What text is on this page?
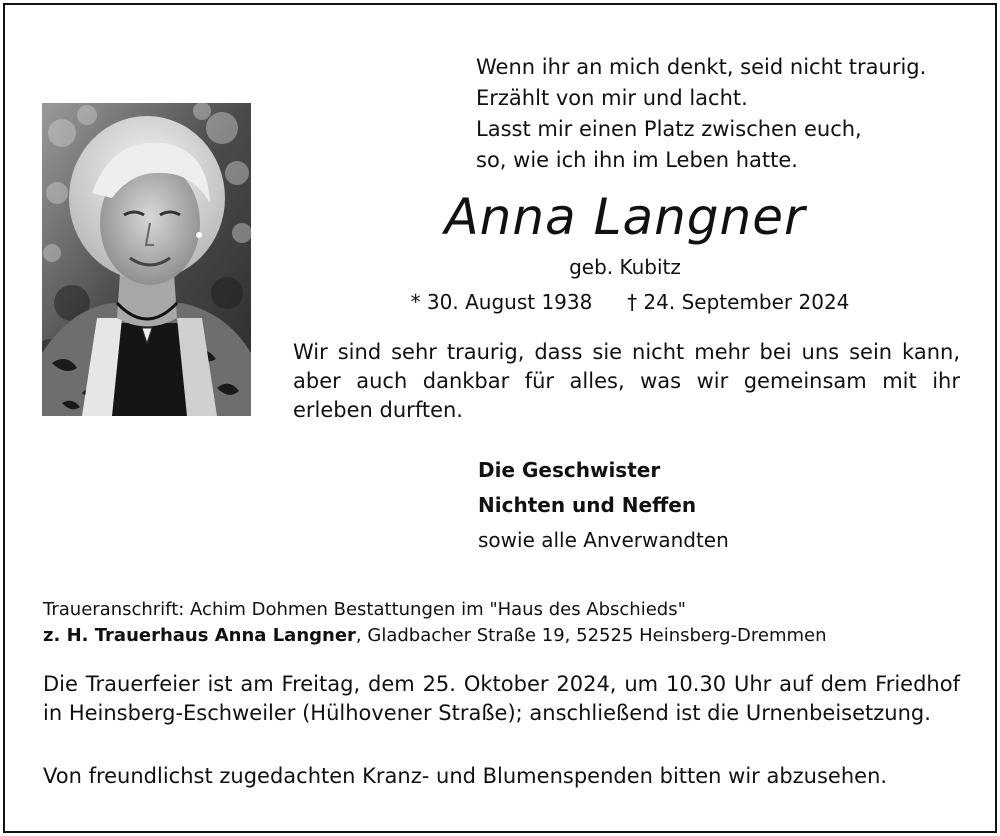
Wenn ihr an mich denkt, seid nicht traurig.
Erzählt von mir und lacht.
Lasst mir einen Platz zwischen euch,
so, wie ich ihn im Leben hatte.
Anna Langner
geb. Kubitz
* 30. August 1938 † 24. September 2024
Wir sind sehr traurig, dass sie nicht mehr bei uns sein kann, aber auch dankbar für alles, was wir gemeinsam mit ihr erleben durften.
Die Geschwister
Nichten und Neffen
sowie alle Anverwandten
Traueranschrift: Achim Dohmen Bestattungen im "Haus des Abschieds"
z. H. Trauerhaus Anna Langner, Gladbacher Straße 19, 52525 Heinsberg-Dremmen
Die Trauerfeier ist am Freitag, dem 25. Oktober 2024, um 10.30 Uhr auf dem Friedhof in Heinsberg-Eschweiler (Hülhovener Straße); anschließend ist die Urnenbeisetzung.
Von freundlichst zugedachten Kranz- und Blumenspenden bitten wir abzusehen.
